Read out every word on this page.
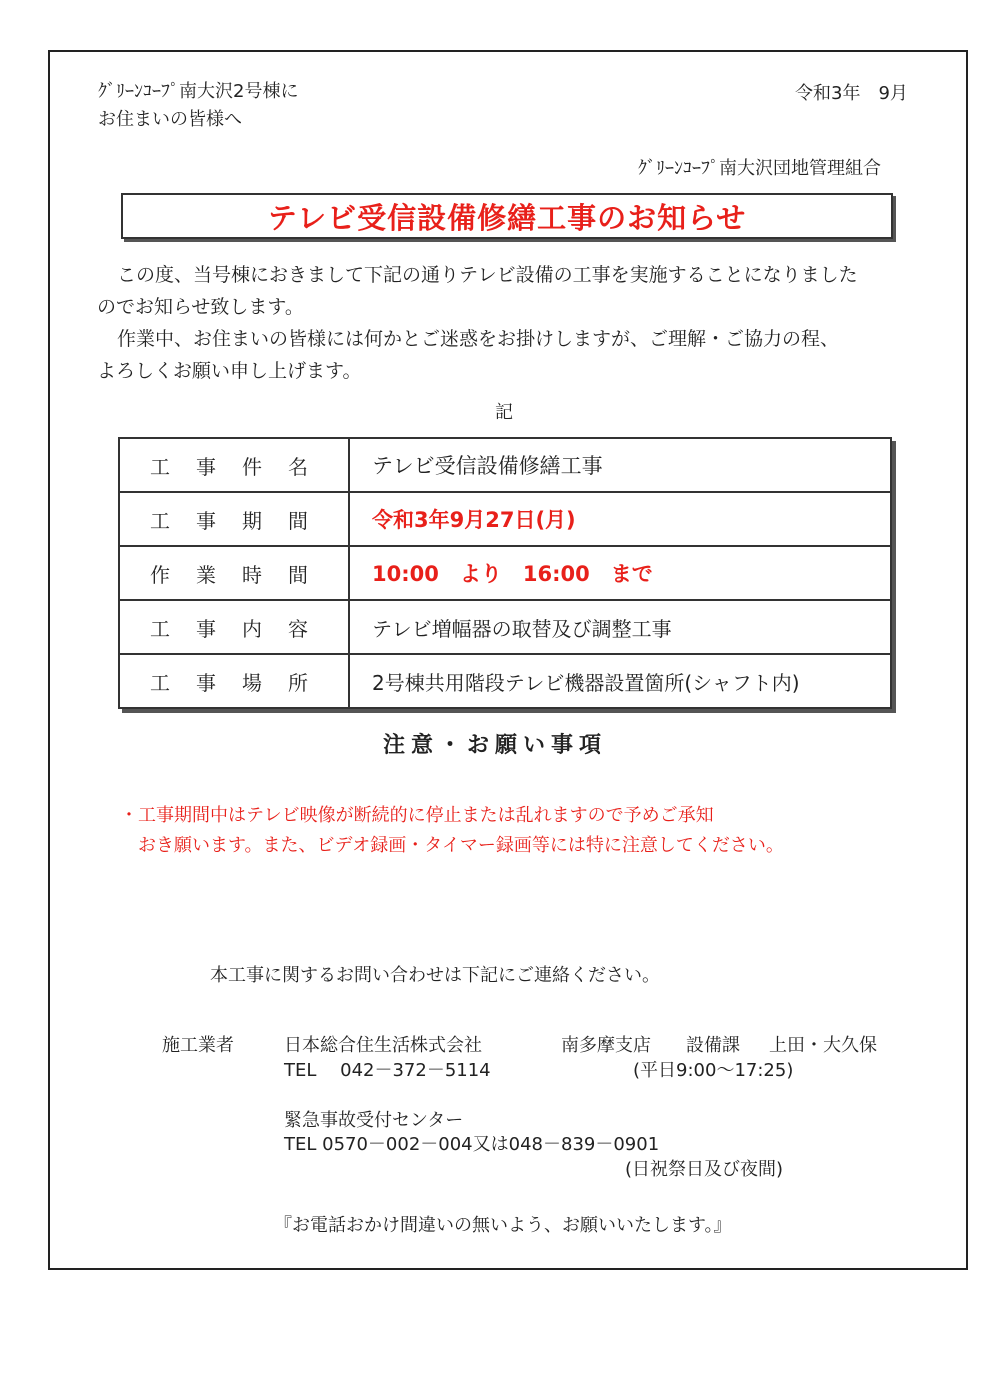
ｸﾞﾘｰﾝｺｰﾌﾟ南大沢2号棟に
お住まいの皆様へ
令和3年　9月
ｸﾞﾘｰﾝｺｰﾌﾟ南大沢団地管理組合
テレビ受信設備修繕工事のお知らせ
この度、当号棟におきまして下記の通りテレビ設備の工事を実施することになりました
のでお知らせ致します。
作業中、お住まいの皆様には何かとご迷惑をお掛けしますが、ご理解・ご協力の程、
よろしくお願い申し上げます。
記
工事件名	テレビ受信設備修繕工事
工事期間	令和3年9月27日(月)
作業時間	10:00　より　16:00　まで
工事内容	テレビ増幅器の取替及び調整工事
工事場所	2号棟共用階段テレビ機器設置箇所(シャフト内)
注意・お願い事項
・工事期間中はテレビ映像が断続的に停止または乱れますので予めご承知
　おき願います。また、ビデオ録画・タイマー録画等には特に注意してください。
本工事に関するお問い合わせは下記にご連絡ください。
施工業者	日本総合住生活株式会社	南多摩支店 設備課 上田・大久保
TEL　 042－372－5114	(平日9:00～17:25)
緊急事故受付センター
TEL 0570－002－004又は048－839－0901
(日祝祭日及び夜間)
『お電話おかけ間違いの無いよう、お願いいたします。』
